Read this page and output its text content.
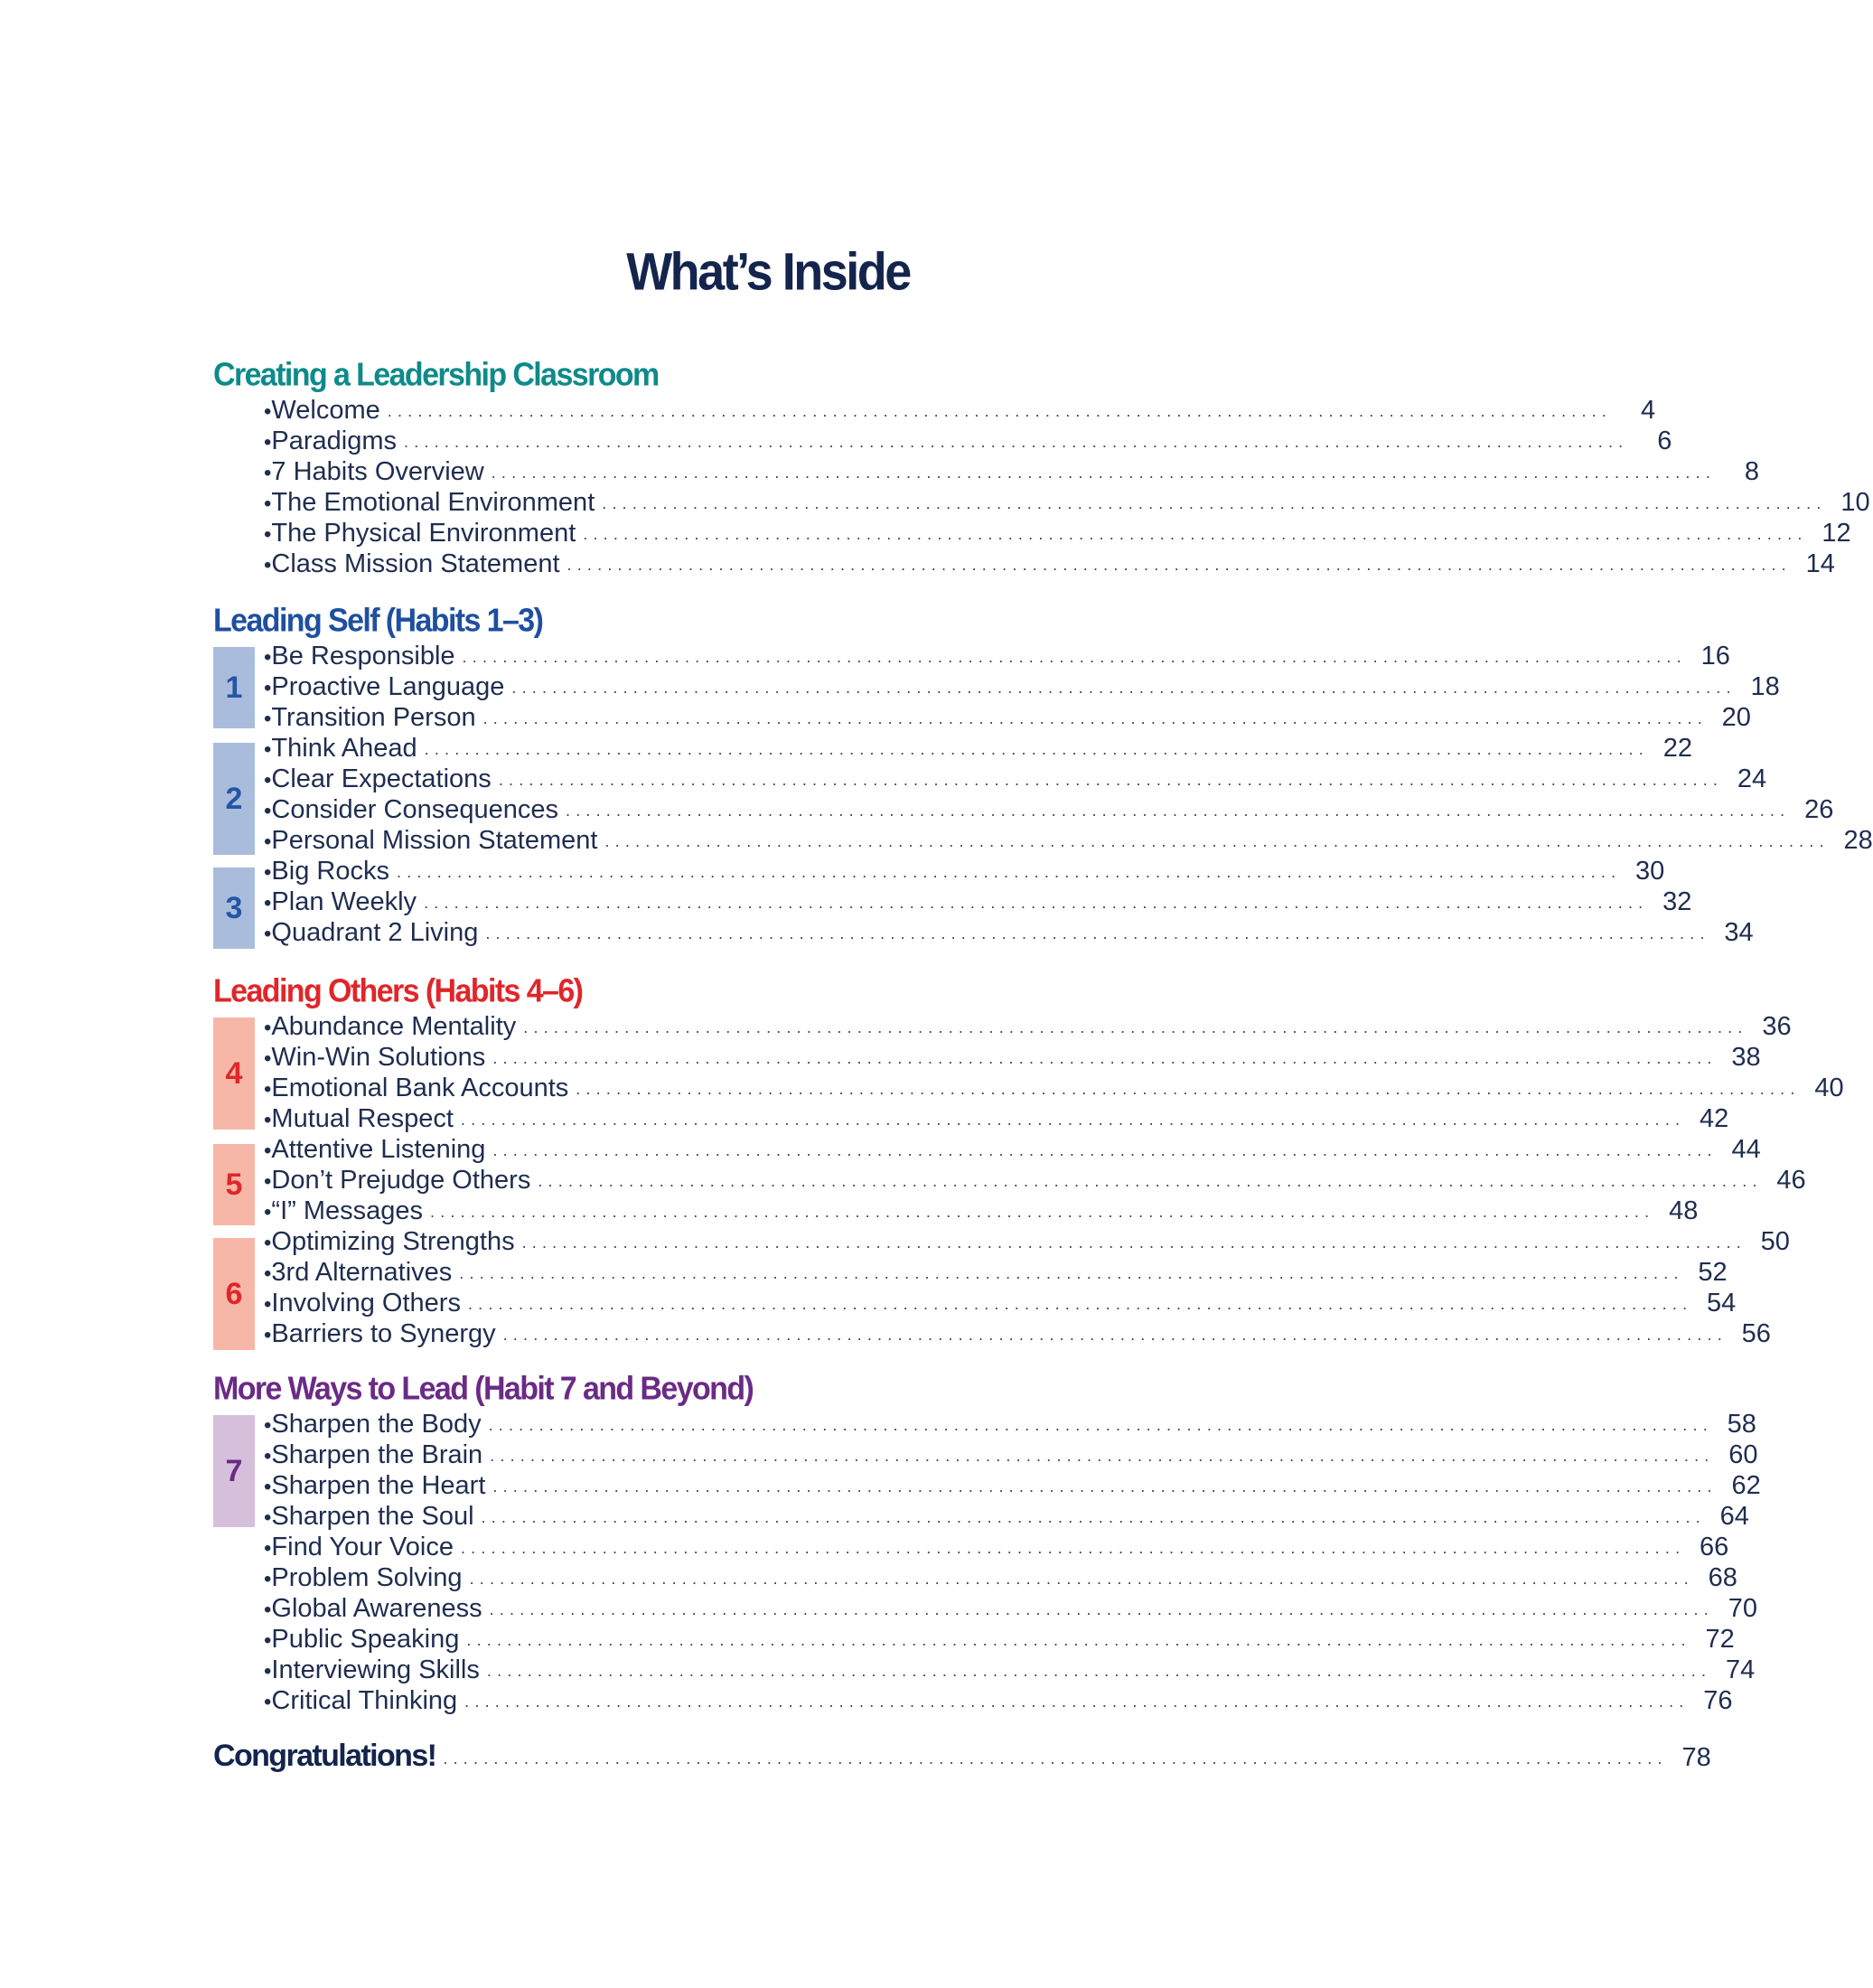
What’s Inside
Creating a Leadership Classroom
• Welcome .........................................................................................................................	4
• Paradigms .........................................................................................................................	6
• 7 Habits Overview .........................................................................................................................	8
• The Emotional Environment ......................................................................................................................... 10
• The Physical Environment ......................................................................................................................... 12
• Class Mission Statement ......................................................................................................................... 14
Leading Self (Habits 1–3)
1
2
3
• Be Responsible ......................................................................................................................... 16
• Proactive Language ......................................................................................................................... 18
• Transition Person ......................................................................................................................... 20
• Think Ahead ......................................................................................................................... 22
• Clear Expectations ......................................................................................................................... 24
• Consider Consequences ......................................................................................................................... 26
• Personal Mission Statement ......................................................................................................................... 28
• Big Rocks ......................................................................................................................... 30
• Plan Weekly ......................................................................................................................... 32
• Quadrant 2 Living ......................................................................................................................... 34
Leading Others (Habits 4–6)
4
5
6
• Abundance Mentality ......................................................................................................................... 36
• Win-Win Solutions ......................................................................................................................... 38
• Emotional Bank Accounts ......................................................................................................................... 40
• Mutual Respect ......................................................................................................................... 42
• Attentive Listening ......................................................................................................................... 44
• Don’t Prejudge Others ......................................................................................................................... 46
• “I” Messages ......................................................................................................................... 48
• Optimizing Strengths ......................................................................................................................... 50
• 3rd Alternatives ......................................................................................................................... 52
• Involving Others ......................................................................................................................... 54
• Barriers to Synergy ......................................................................................................................... 56
More Ways to Lead (Habit 7 and Beyond)
7
• Sharpen the Body ......................................................................................................................... 58
• Sharpen the Brain ......................................................................................................................... 60
• Sharpen the Heart ......................................................................................................................... 62
• Sharpen the Soul ......................................................................................................................... 64
• Find Your Voice ......................................................................................................................... 66
• Problem Solving ......................................................................................................................... 68
• Global Awareness ......................................................................................................................... 70
• Public Speaking ......................................................................................................................... 72
• Interviewing Skills ......................................................................................................................... 74
• Critical Thinking ......................................................................................................................... 76
Congratulations! ......................................................................................................................... 78
